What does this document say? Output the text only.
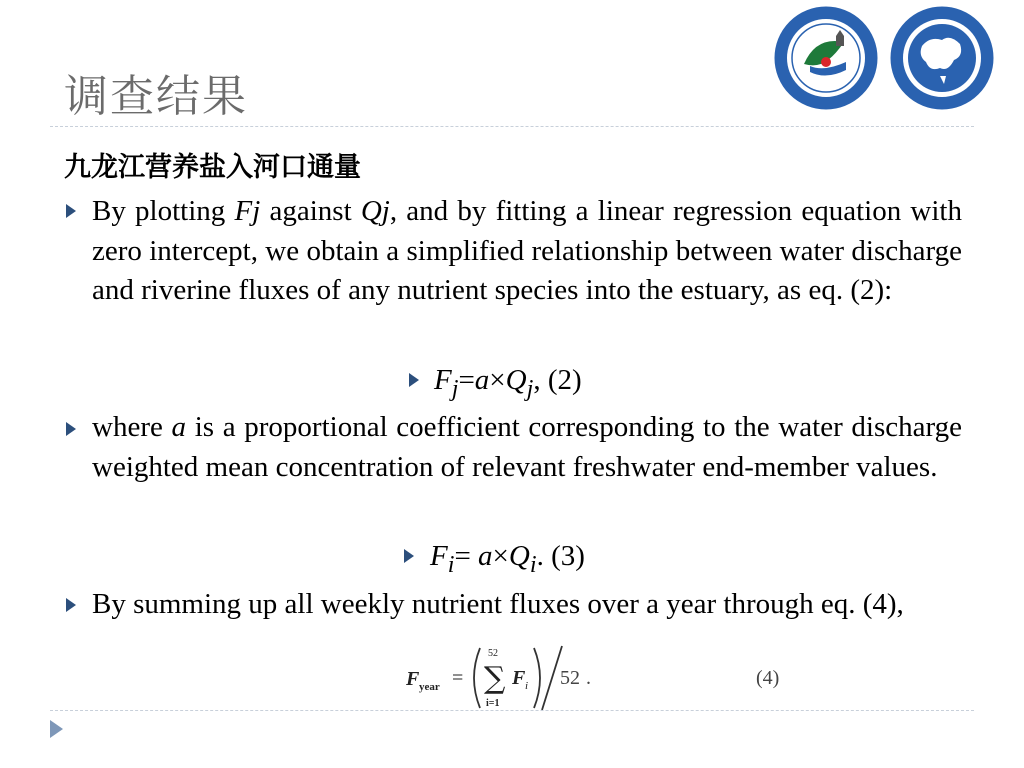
调查结果
九龙江营养盐入河口通量
By plotting Fj against Qj, and by fitting a linear regression equation with zero intercept, we obtain a simplified relationship between water discharge and riverine fluxes of any nutrient species into the estuary, as eq. (2):
$F_j=a\times Q_j$, (2)
where a is a proportional coefficient corresponding to the water discharge weighted mean concentration of relevant freshwater end-member values.
$F_i= a\times Q_i$. (3)
By summing up all weekly nutrient fluxes over a year through eq. (4),
F year =
52
∑
i=1
F i 52 .	(4)
